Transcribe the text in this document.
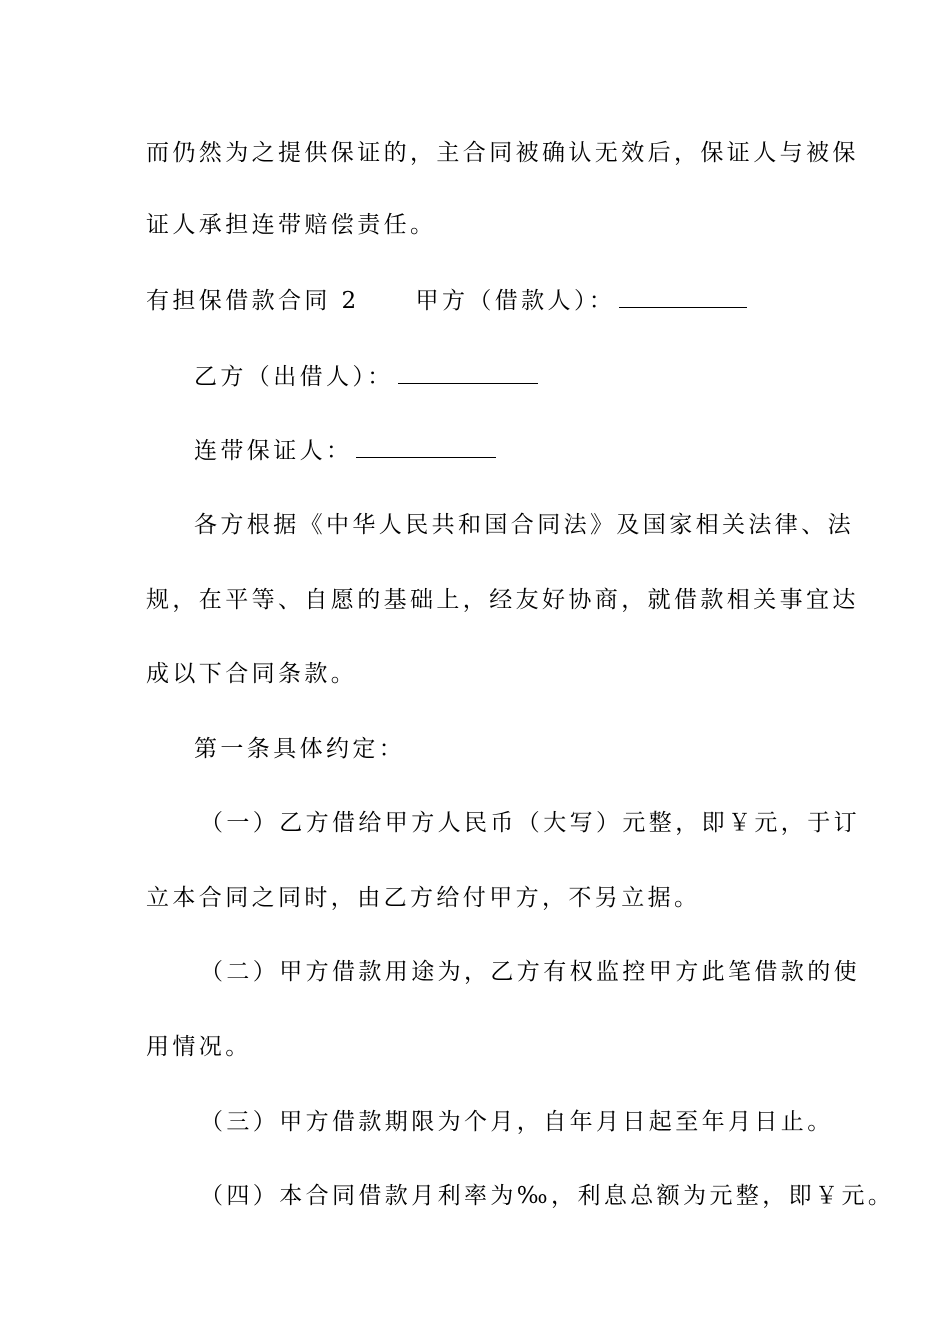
而仍然为之提供保证的，主合同被确认无效后，保证人与被保
证人承担连带赔偿责任。
有担保借款合同 2 甲方（借款人）：
乙方（出借人）：
连带保证人：
各方根据《中华人民共和国合同法》及国家相关法律、法
规，在平等、自愿的基础上，经友好协商，就借款相关事宜达
成以下合同条款。
第一条具体约定：
（一）乙方借给甲方人民币（大写）元整，即￥元，于订
立本合同之同时，由乙方给付甲方，不另立据。
（二）甲方借款用途为，乙方有权监控甲方此笔借款的使
用情况。
（三）甲方借款期限为个月，自年月日起至年月日止。
（四）本合同借款月利率为‰，利息总额为元整，即￥元。
